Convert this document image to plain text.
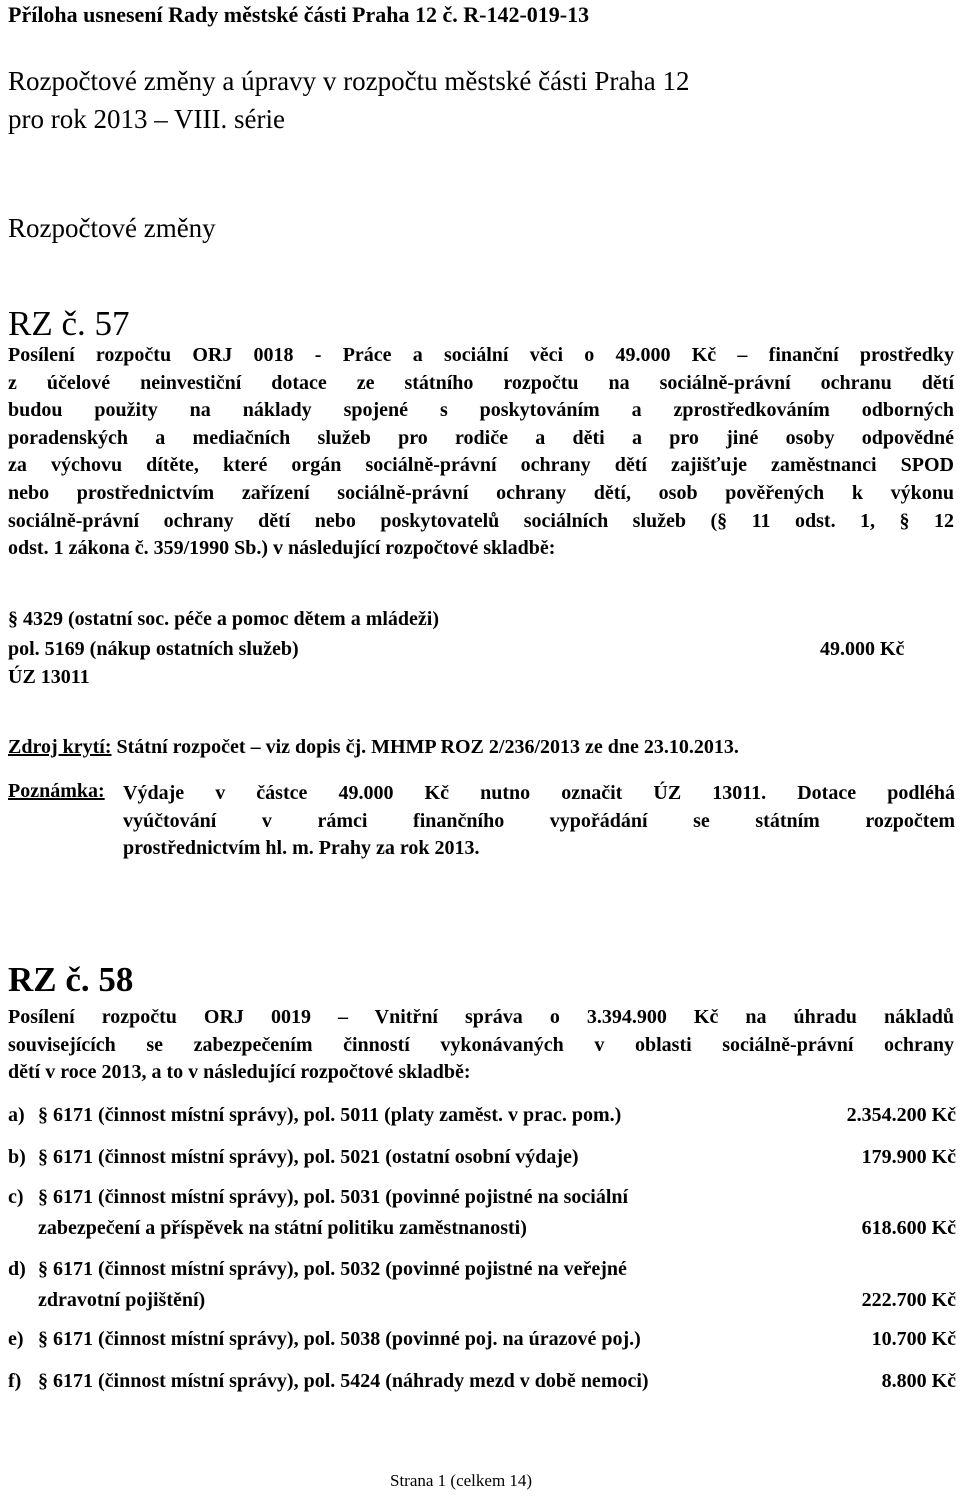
Příloha usnesení Rady městské části Praha 12 č. R-142-019-13
Rozpočtové změny a úpravy v rozpočtu městské části Praha 12
pro rok 2013 – VIII. série
Rozpočtové změny
RZ č. 57
Posílení rozpočtu ORJ 0018 - Práce a sociální věci o 49.000 Kč – finanční prostředky
z účelové neinvestiční dotace ze státního rozpočtu na sociálně-právní ochranu dětí
budou použity na náklady spojené s poskytováním a zprostředkováním odborných
poradenských a mediačních služeb pro rodiče a děti a pro jiné osoby odpovědné
za výchovu dítěte, které orgán sociálně-právní ochrany dětí zajišťuje zaměstnanci SPOD
nebo prostřednictvím zařízení sociálně-právní ochrany dětí, osob pověřených k výkonu
sociálně-právní ochrany dětí nebo poskytovatelů sociálních služeb (§ 11 odst. 1, § 12
odst. 1 zákona č. 359/1990 Sb.) v následující rozpočtové skladbě:
§ 4329 (ostatní soc. péče a pomoc dětem a mládeži)
pol. 5169 (nákup ostatních služeb)	49.000 Kč
ÚZ 13011
Zdroj krytí: Státní rozpočet – viz dopis čj. MHMP ROZ 2/236/2013 ze dne 23.10.2013.
Poznámka: Výdaje v částce 49.000 Kč nutno označit ÚZ 13011. Dotace podléhá
vyúčtování v rámci finančního vypořádání se státním rozpočtem
prostřednictvím hl. m. Prahy za rok 2013.
RZ č. 58
Posílení rozpočtu ORJ 0019 – Vnitřní správa o 3.394.900 Kč na úhradu nákladů
souvisejících se zabezpečením činností vykonávaných v oblasti sociálně-právní ochrany
dětí v roce 2013, a to v následující rozpočtové skladbě:
a) § 6171 (činnost místní správy), pol. 5011 (platy zaměst. v prac. pom.)	2.354.200 Kč
b) § 6171 (činnost místní správy), pol. 5021 (ostatní osobní výdaje)	179.900 Kč
c) § 6171 (činnost místní správy), pol. 5031 (povinné pojistné na sociální
zabezpečení a příspěvek na státní politiku zaměstnanosti)	618.600 Kč
d) § 6171 (činnost místní správy), pol. 5032 (povinné pojistné na veřejné
zdravotní pojištění)	222.700 Kč
e) § 6171 (činnost místní správy), pol. 5038 (povinné poj. na úrazové poj.)	10.700 Kč
f) § 6171 (činnost místní správy), pol. 5424 (náhrady mezd v době nemoci)	8.800 Kč
Strana 1 (celkem 14)
